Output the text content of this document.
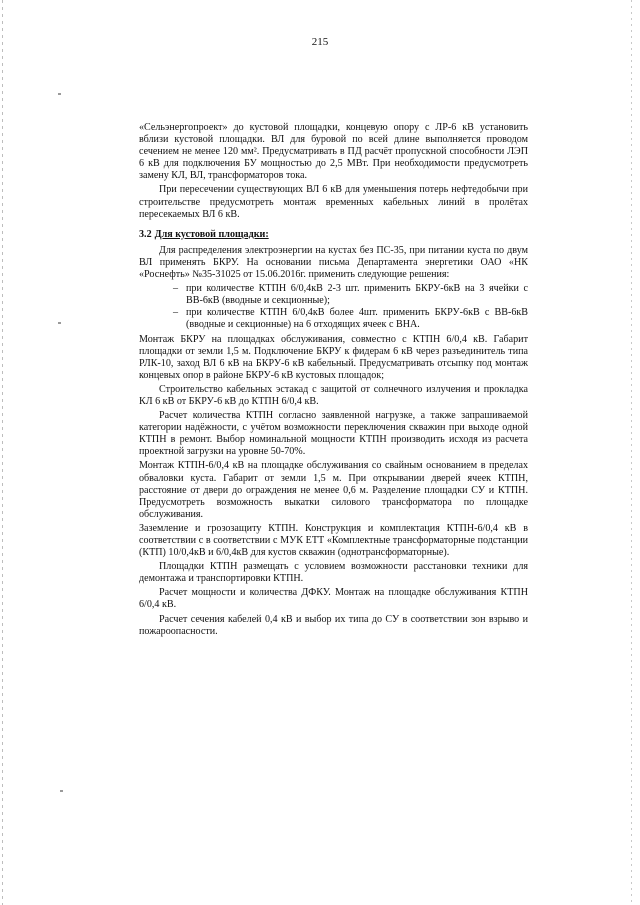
215

«Сельэнергопроект» до кустовой площадки, концевую опору с ЛР-6 кВ установить вблизи кустовой площадки. ВЛ для буровой по всей длине выполняется проводом сечением не менее 120 мм². Предусматривать в ПД расчёт пропускной способности ЛЭП 6 кВ для подключения БУ мощностью до 2,5 МВт. При необходимости предусмотреть замену КЛ, ВЛ, трансформаторов тока.

При пересечении существующих ВЛ 6 кВ для уменьшения потерь нефтедобычи при строительстве предусмотреть монтаж временных кабельных линий в пролётах пересекаемых ВЛ 6 кВ.

3.2 Для кустовой площадки:

Для распределения электроэнергии на кустах без ПС-35, при питании куста по двум ВЛ применять БКРУ. На основании письма Департамента энергетики ОАО «НК «Роснефть» №35-31025 от 15.06.2016г. применить следующие решения:

– при количестве КТПН 6/0,4кВ 2-3 шт. применить БКРУ-6кВ на 3 ячейки с ВВ-6кВ (вводные и секционные);
– при количестве КТПН 6/0,4кВ более 4шт. применить БКРУ-6кВ с ВВ-6кВ (вводные и секционные) на 6 отходящих ячеек с ВНА.

Монтаж БКРУ на площадках обслуживания, совместно с КТПН 6/0,4 кВ. Габарит площадки от земли 1,5 м. Подключение БКРУ к фидерам 6 кВ через разъединитель типа РЛК-10, заход ВЛ 6 кВ на БКРУ-6 кВ кабельный. Предусматривать отсыпку под монтаж концевых опор в районе БКРУ-6 кВ кустовых площадок;

Строительство кабельных эстакад с защитой от солнечного излучения и прокладка КЛ 6 кВ от БКРУ-6 кВ до КТПН 6/0,4 кВ.

Расчет количества КТПН согласно заявленной нагрузке, а также запрашиваемой категории надёжности, с учётом возможности переключения скважин при выходе одной КТПН в ремонт. Выбор номинальной мощности КТПН производить исходя из расчета проектной загрузки на уровне 50-70%.

Монтаж КТПН-6/0,4 кВ на площадке обслуживания со свайным основанием в пределах обваловки куста. Габарит от земли 1,5 м. При открывании дверей ячеек КТПН, расстояние от двери до ограждения не менее 0,6 м. Разделение площадки СУ и КТПН. Предусмотреть возможность выкатки силового трансформатора по площадке обслуживания.

Заземление и грозозащиту КТПН. Конструкция и комплектация КТПН-6/0,4 кВ в соответствии с в соответствии с МУК ЕТТ «Комплектные трансформаторные подстанции (КТП) 10/0,4кВ и 6/0,4кВ для кустов скважин (однотрансформаторные).

Площадки КТПН размещать с условием возможности расстановки техники для демонтажа и транспортировки КТПН.

Расчет мощности и количества ДФКУ. Монтаж на площадке обслуживания КТПН 6/0,4 кВ.

Расчет сечения кабелей 0,4 кВ и выбор их типа до СУ в соответствии зон взрыво и пожароопасности.
